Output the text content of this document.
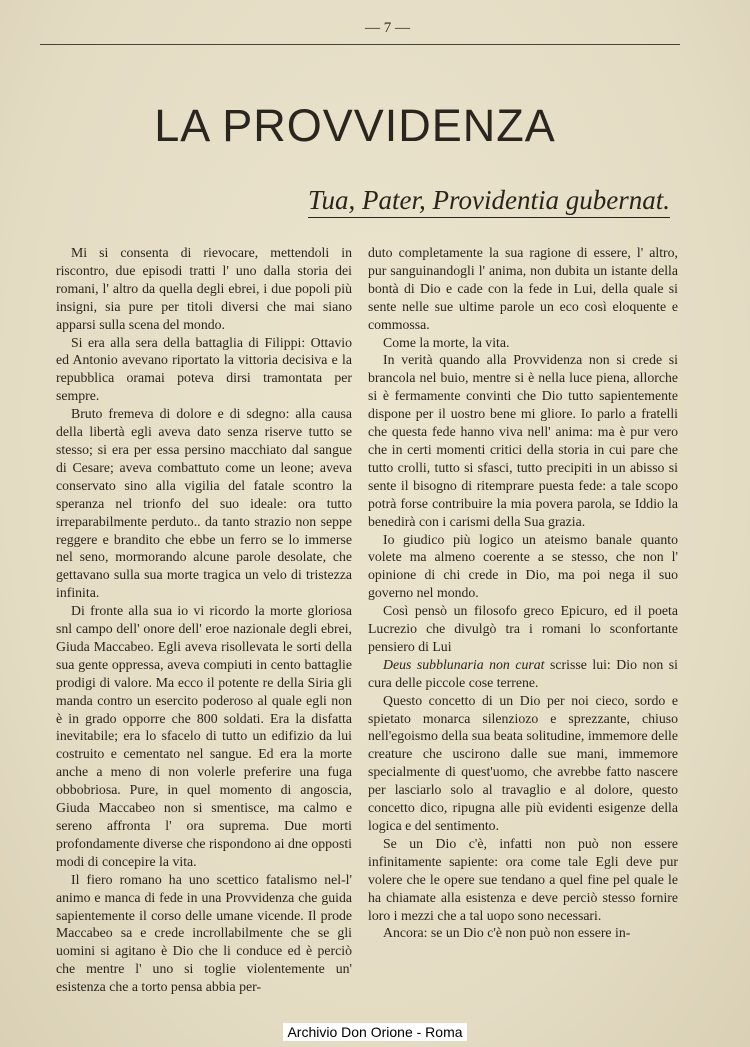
— 7 —
LA PROVVIDENZA
Tua, Pater, Providentia gubernat.

Mi si consenta di rievocare, mettendoli in riscontro, due episodi tratti l' uno dalla storia dei romani, l' altro da quella degli ebrei, i due popoli più insigni, sia pure per titoli diversi che mai siano apparsi sulla scena del mondo.

Si era alla sera della battaglia di Filippi: Ottavio ed Antonio avevano riportato la vittoria decisiva e la repubblica oramai poteva dirsi tramontata per sempre.

Bruto fremeva di dolore e di sdegno: alla causa della libertà egli aveva dato senza riserve tutto se stesso; si era per essa persino macchiato dal sangue di Cesare; aveva combattuto come un leone; aveva conservato sino alla vigilia del fatale scontro la speranza nel trionfo del suo ideale: ora tutto irreparabilmente perduto.. da tanto strazio non seppe reggere e brandito che ebbe un ferro se lo immerse nel seno, mormorando alcune parole desolate, che gettavano sulla sua morte tragica un velo di tristezza infinita.

Di fronte alla sua io vi ricordo la morte gloriosa snl campo dell' onore dell' eroe nazionale degli ebrei, Giuda Maccabeo. Egli aveva risollevata le sorti della sua gente oppressa, aveva compiuti in cento battaglie prodigi di valore. Ma ecco il potente re della Siria gli manda contro un esercito poderoso al quale egli non è in grado opporre che 800 soldati. Era la disfatta inevitabile; era lo sfacelo di tutto un edifizio da lui costruito e cementato nel sangue. Ed era la morte anche a meno di non volerle preferire una fuga obbobriosa. Pure, in quel momento di angoscia, Giuda Maccabeo non si smentisce, ma calmo e sereno affronta l' ora suprema. Due morti profondamente diverse che rispondono ai dne opposti modi di concepire la vita.

Il fiero romano ha uno scettico fatalismo nel-l' animo e manca di fede in una Provvidenza che guida sapientemente il corso delle umane vicende. Il prode Maccabeo sa e crede incrollabilmente che se gli uomini si agitano è Dio che li conduce ed è perciò che mentre l' uno si toglie violentemente un' esistenza che a torto pensa abbia per-

duto completamente la sua ragione di essere, l' altro, pur sanguinandogli l' anima, non dubita un istante della bontà di Dio e cade con la fede in Lui, della quale si sente nelle sue ultime parole un eco così eloquente e commossa.

Come la morte, la vita.

In verità quando alla Provvidenza non si crede si brancola nel buio, mentre si è nella luce piena, allorche si è fermamente convinti che Dio tutto sapientemente dispone per il uostro bene mi gliore. Io parlo a fratelli che questa fede hanno viva nell' anima: ma è pur vero che in certi momenti critici della storia in cui pare che tutto crolli, tutto si sfasci, tutto precipiti in un abisso si sente il bisogno di ritemprare puesta fede: a tale scopo potrà forse contribuire la mia povera parola, se Iddio la benedirà con i carismi della Sua grazia.

Io giudico più logico un ateismo banale quanto volete ma almeno coerente a se stesso, che non l' opinione di chi crede in Dio, ma poi nega il suo governo nel mondo.

Così pensò un filosofo greco Epicuro, ed il poeta Lucrezio che divulgò tra i romani lo sconfortante pensiero di Lui

Deus subblunaria non curat scrisse lui: Dio non si cura delle piccole cose terrene.

Questo concetto di un Dio per noi cieco, sordo e spietato monarca silenziozo e sprezzante, chiuso nell'egoismo della sua beata solitudine, immemore delle creature che uscirono dalle sue mani, immemore specialmente di quest'uomo, che avrebbe fatto nascere per lasciarlo solo al travaglio e al dolore, questo concetto dico, ripugna alle più evidenti esigenze della logica e del sentimento.

Se un Dio c'è, infatti non può non essere infinitamente sapiente: ora come tale Egli deve pur volere che le opere sue tendano a quel fine pel quale le ha chiamate alla esistenza e deve perciò stesso fornire loro i mezzi che a tal uopo sono necessari.

Ancora: se un Dio c'è non può non essere in-

Archivio Don Orione - Roma
